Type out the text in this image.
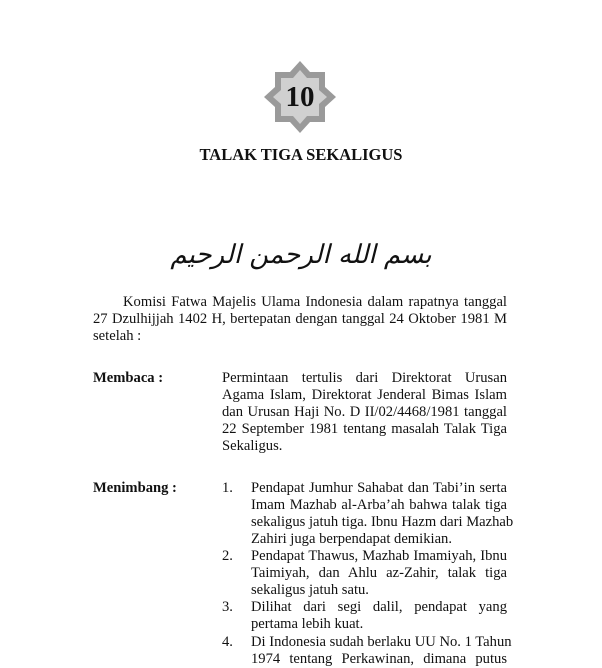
10
TALAK TIGA SEKALIGUS
بسم الله الرحمن الرحيم
Komisi Fatwa Majelis Ulama Indonesia dalam rapatnya tanggal
27 Dzulhijjah 1402 H, bertepatan dengan tanggal 24 Oktober 1981 M
setelah :
Membaca :	Permintaan tertulis dari Direktorat Urusan
Agama Islam, Direktorat Jenderal Bimas Islam
dan Urusan Haji No. D II/02/4468/1981 tanggal
22 September 1981 tentang masalah Talak Tiga
Sekaligus.
Menimbang :	1. Pendapat Jumhur Sahabat dan Tabi’in serta
Imam Mazhab al-Arba’ah bahwa talak tiga
sekaligus jatuh tiga. Ibnu Hazm dari Mazhab
Zahiri juga berpendapat demikian.
2. Pendapat Thawus, Mazhab Imamiyah, Ibnu
Taimiyah, dan Ahlu az-Zahir, talak tiga
sekaligus jatuh satu.
3. Dilihat dari segi dalil, pendapat yang
pertama lebih kuat.
4. Di Indonesia sudah berlaku UU No. 1 Tahun
1974 tentang Perkawinan, dimana putus
